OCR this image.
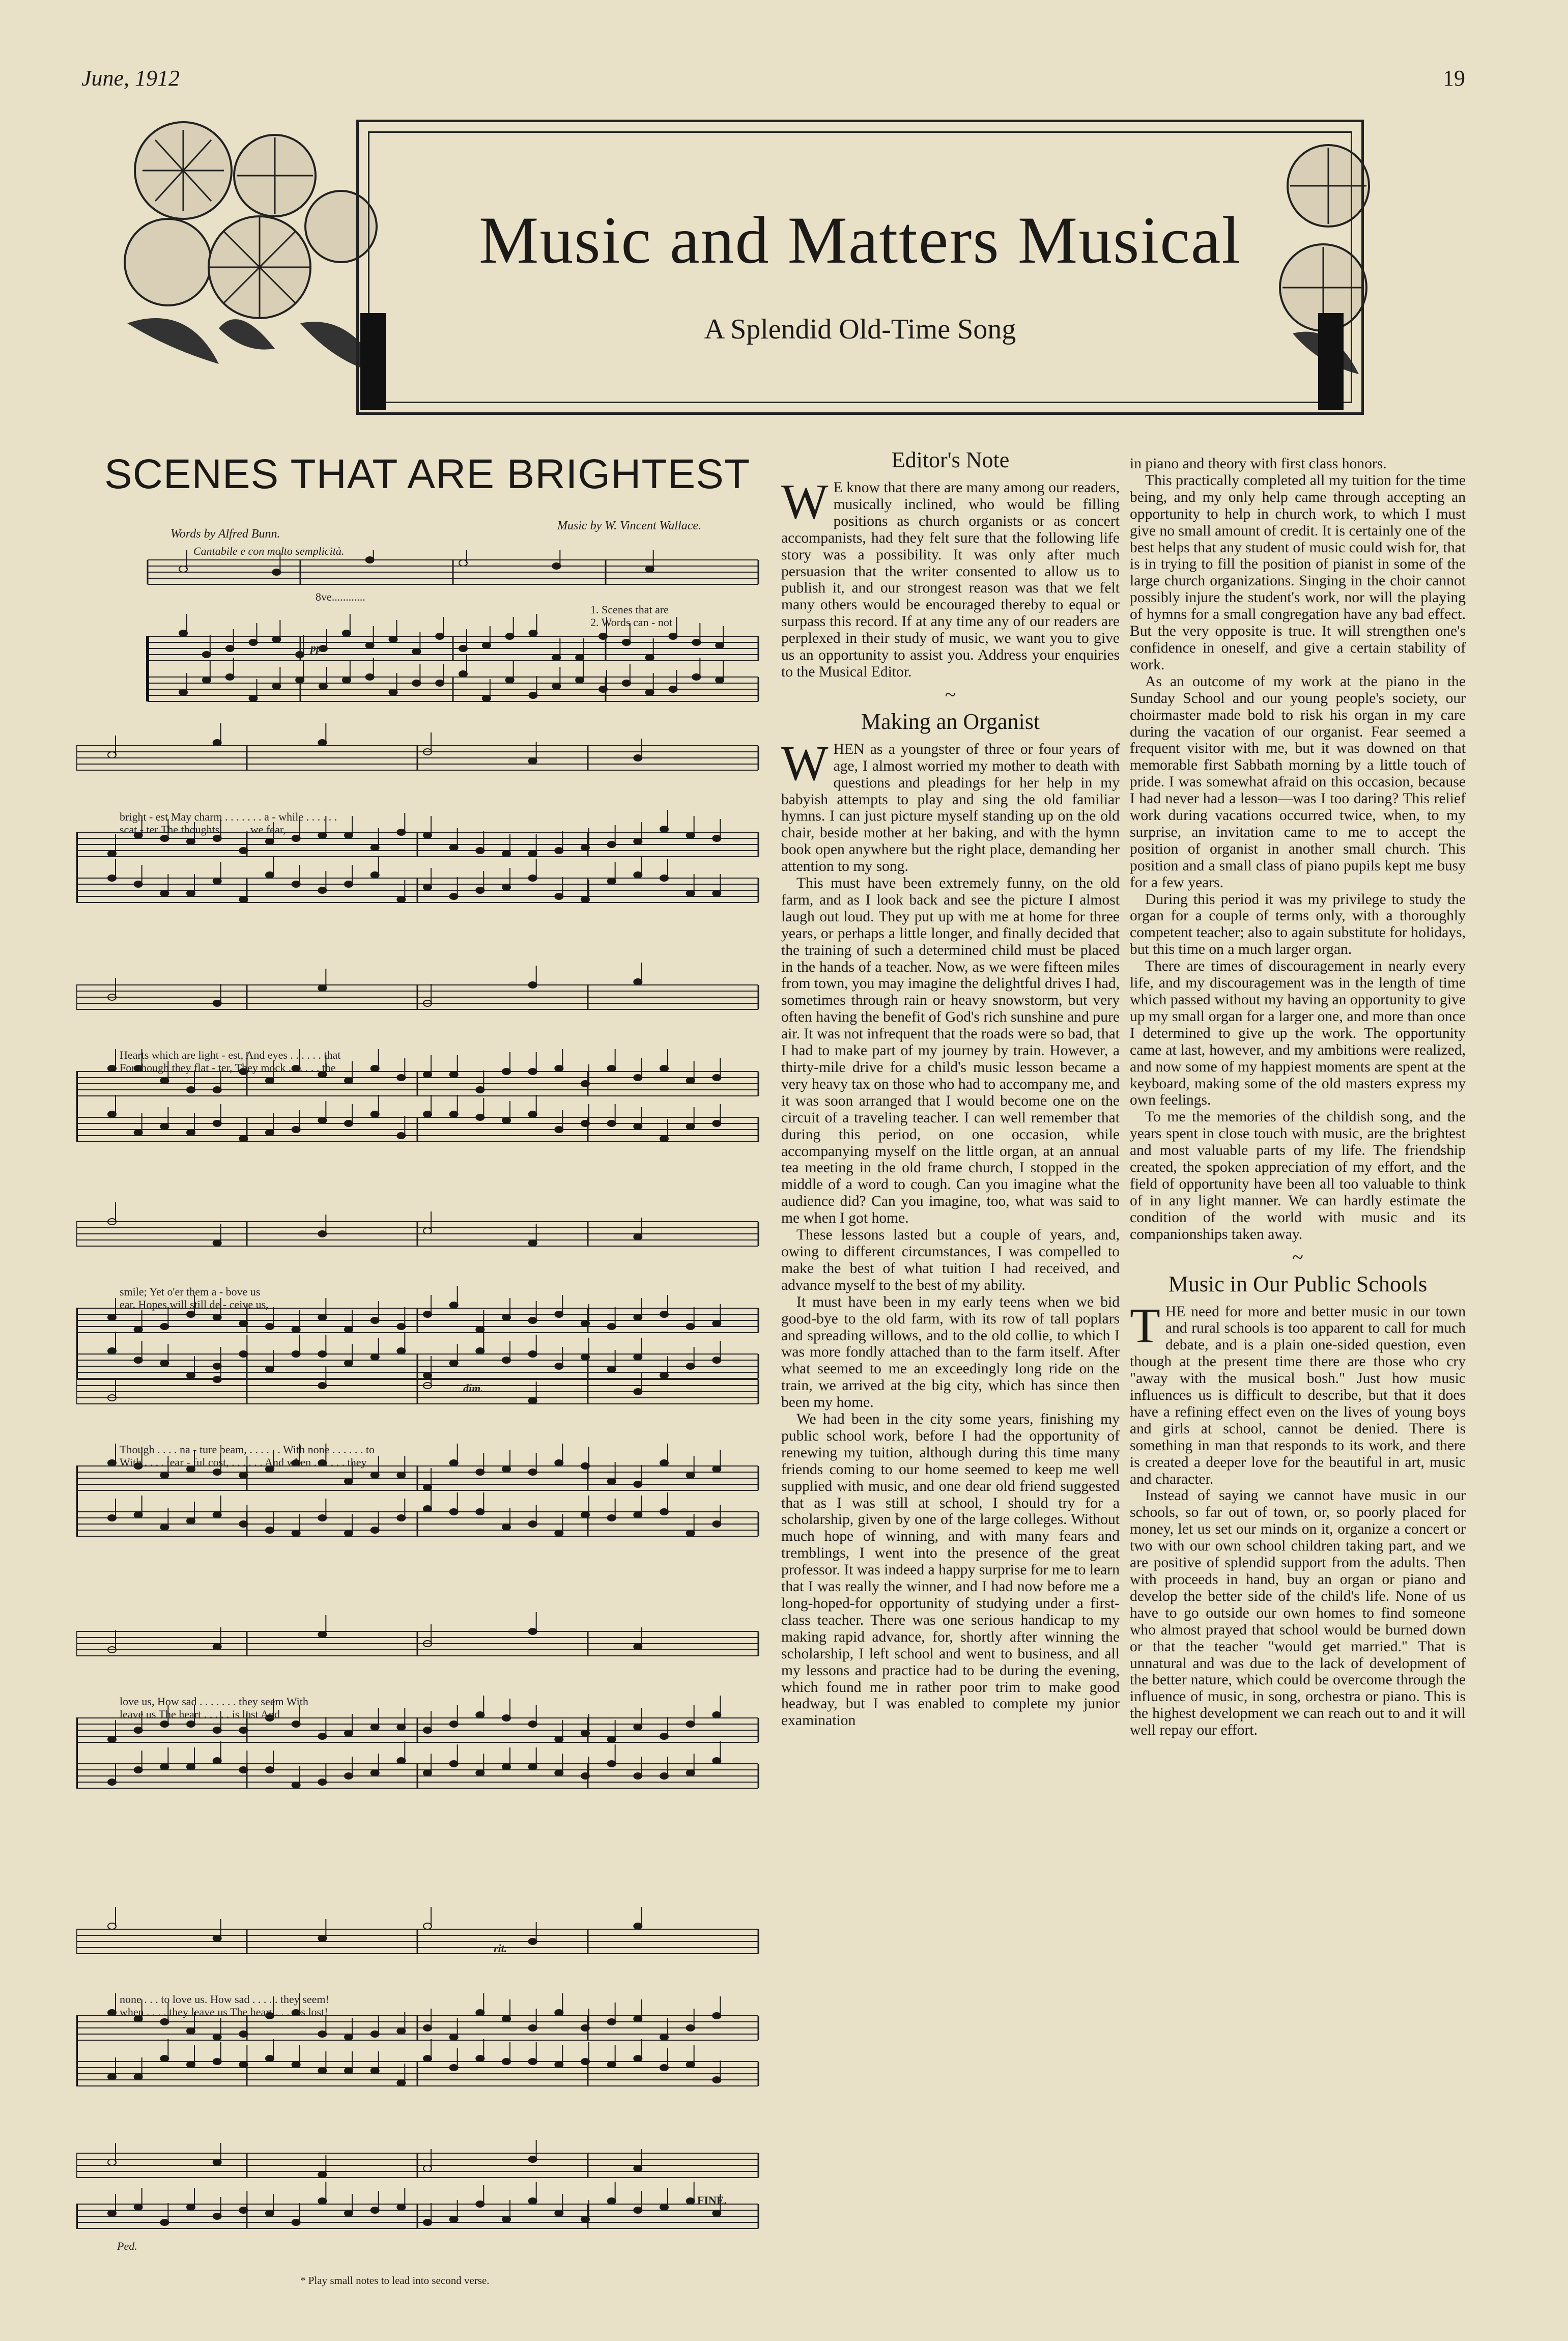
June, 1912	19
Music and Matters Musical
A Splendid Old-Time Song
SCENES THAT ARE BRIGHTEST
Words by Alfred Bunn.
Music by W. Vincent Wallace.
Cantabile e con molto semplicità.
1. Scenes that are
2. Words can - not
8ve............
pp
dim.
rit.
FINE.
Ped.
bright - est May charm . . . . . . . a - while . . . . . .
scat - ter The thoughts . . . . . we fear, . . . . . .
Hearts which are light - est, And eyes . . . . . . that
For though they flat - ter, They mock . . . . . . the
smile; Yet o'er them a - bove us
ear. Hopes will still de - ceive us,
Though . . . . na - ture beam, . . . . . . With none . . . . . . to
With . . . . tear - ful cost, . . . . . . And when . . . . . . they
love us, How sad . . . . . . . they seem With
leave us The heart . . . . . is lost And
none . . . to love us. How sad . . . . . they seem!
when . . . . they leave us The heart . . . . is lost!
* Play small notes to lead into second verse.
Editor's Note

W E know that there are many among our readers, musically inclined, who would be filling positions as church organists or as concert accompanists, had they felt sure that the following life story was a possibility. It was only after much persuasion that the writer consented to allow us to publish it, and our strongest reason was that we felt many others would be encouraged thereby to equal or surpass this record. If at any time any of our readers are perplexed in their study of music, we want you to give us an opportunity to assist you. Address your enquiries to the Musical Editor.

~
Making an Organist

WHEN as a youngster of three or four years of age, I almost worried my mother to death with questions and pleadings for her help in my babyish attempts to play and sing the old familiar hymns. I can just picture myself standing up on the old chair, beside mother at her baking, and with the hymn book open anywhere but the right place, demanding her attention to my song.

This must have been extremely funny, on the old farm, and as I look back and see the picture I almost laugh out loud. They put up with me at home for three years, or perhaps a little longer, and finally decided that the training of such a determined child must be placed in the hands of a teacher. Now, as we were fifteen miles from town, you may imagine the delightful drives I had, sometimes through rain or heavy snowstorm, but very often having the benefit of God's rich sunshine and pure air. It was not infrequent that the roads were so bad, that I had to make part of my journey by train. However, a thirty-mile drive for a child's music lesson became a very heavy tax on those who had to accompany me, and it was soon arranged that I would become one on the circuit of a traveling teacher. I can well remember that during this period, on one occasion, while accompanying myself on the little organ, at an annual tea meeting in the old frame church, I stopped in the middle of a word to cough. Can you imagine what the audience did? Can you imagine, too, what was said to me when I got home.

These lessons lasted but a couple of years, and, owing to different circumstances, I was compelled to make the best of what tuition I had received, and advance myself to the best of my ability.

It must have been in my early teens when we bid good-bye to the old farm, with its row of tall poplars and spreading willows, and to the old collie, to which I was more fondly attached than to the farm itself. After what seemed to me an exceedingly long ride on the train, we arrived at the big city, which has since then been my home.

We had been in the city some years, finishing my public school work, before I had the opportunity of renewing my tuition, although during this time many friends coming to our home seemed to keep me well supplied with music, and one dear old friend suggested that as I was still at school, I should try for a scholarship, given by one of the large colleges. Without much hope of winning, and with many fears and tremblings, I went into the presence of the great professor. It was indeed a happy surprise for me to learn that I was really the winner, and I had now before me a long-hoped-for opportunity of studying under a first-class teacher. There was one serious handicap to my making rapid advance, for, shortly after winning the scholarship, I left school and went to business, and all my lessons and practice had to be during the evening, which found me in rather poor trim to make good headway, but I was enabled to complete my junior examination

in piano and theory with first class honors.

This practically completed all my tuition for the time being, and my only help came through accepting an opportunity to help in church work, to which I must give no small amount of credit. It is certainly one of the best helps that any student of music could wish for, that is in trying to fill the position of pianist in some of the large church organizations. Singing in the choir cannot possibly injure the student's work, nor will the playing of hymns for a small congregation have any bad effect. But the very opposite is true. It will strengthen one's confidence in oneself, and give a certain stability of work.

As an outcome of my work at the piano in the Sunday School and our young people's society, our choirmaster made bold to risk his organ in my care during the vacation of our organist. Fear seemed a frequent visitor with me, but it was downed on that memorable first Sabbath morning by a little touch of pride. I was somewhat afraid on this occasion, because I had never had a lesson—was I too daring? This relief work during vacations occurred twice, when, to my surprise, an invitation came to me to accept the position of organist in another small church. This position and a small class of piano pupils kept me busy for a few years.

During this period it was my privilege to study the organ for a couple of terms only, with a thoroughly competent teacher; also to again substitute for holidays, but this time on a much larger organ.

There are times of discouragement in nearly every life, and my discouragement was in the length of time which passed without my having an opportunity to give up my small organ for a larger one, and more than once I determined to give up the work. The opportunity came at last, however, and my ambitions were realized, and now some of my happiest moments are spent at the keyboard, making some of the old masters express my own feelings.

To me the memories of the childish song, and the years spent in close touch with music, are the brightest and most valuable parts of my life. The friendship created, the spoken appreciation of my effort, and the field of opportunity have been all too valuable to think of in any light manner. We can hardly estimate the condition of the world with music and its companionships taken away.

~
Music in Our Public Schools

THE need for more and better music in our town and rural schools is too apparent to call for much debate, and is a plain one-sided question, even though at the present time there are those who cry "away with the musical bosh." Just how music influences us is difficult to describe, but that it does have a refining effect even on the lives of young boys and girls at school, cannot be denied. There is something in man that responds to its work, and there is created a deeper love for the beautiful in art, music and character.

Instead of saying we cannot have music in our schools, so far out of town, or, so poorly placed for money, let us set our minds on it, organize a concert or two with our own school children taking part, and we are positive of splendid support from the adults. Then with proceeds in hand, buy an organ or piano and develop the better side of the child's life. None of us have to go outside our own homes to find someone who almost prayed that school would be burned down or that the teacher "would get married." That is unnatural and was due to the lack of development of the better nature, which could be overcome through the influence of music, in song, orchestra or piano. This is the highest development we can reach out to and it will well repay our effort.
